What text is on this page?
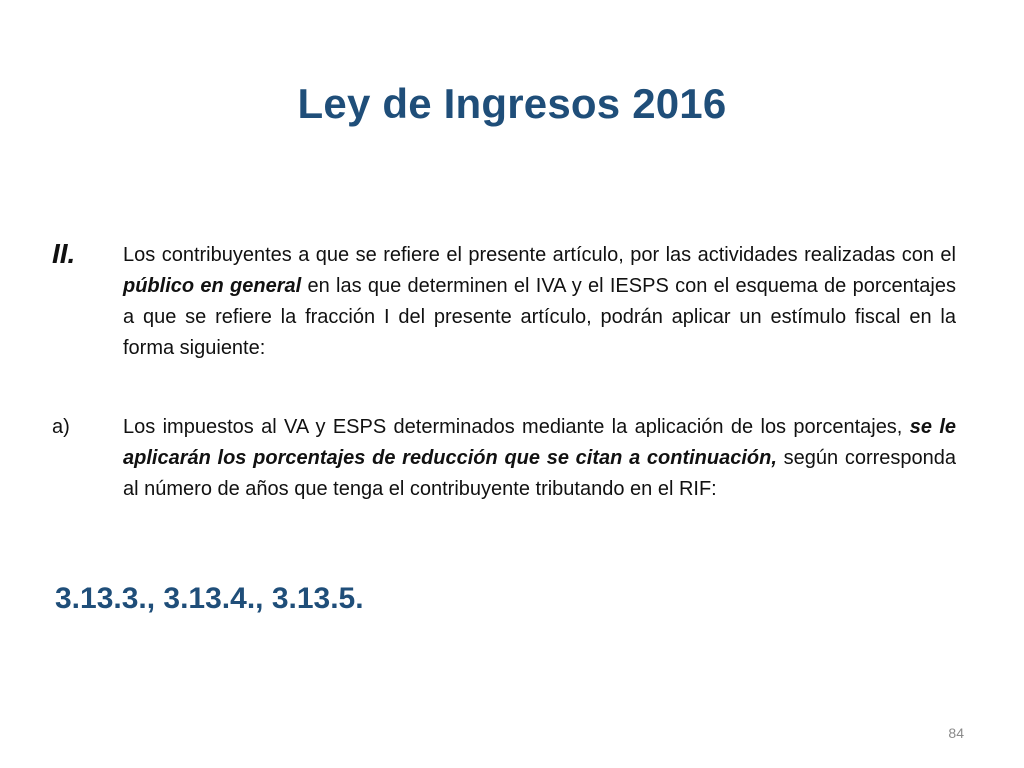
Ley de Ingresos 2016
II.	Los contribuyentes a que se refiere el presente artículo, por las actividades realizadas con el público en general en las que determinen el IVA y el IESPS con el esquema de porcentajes a que se refiere la fracción I del presente artículo, podrán aplicar un estímulo fiscal en la forma siguiente:
a)	Los impuestos al VA y ESPS determinados mediante la aplicación de los porcentajes, se le aplicarán los porcentajes de reducción que se citan a continuación, según corresponda al número de años que tenga el contribuyente tributando en el RIF:
3.13.3., 3.13.4., 3.13.5.
84
